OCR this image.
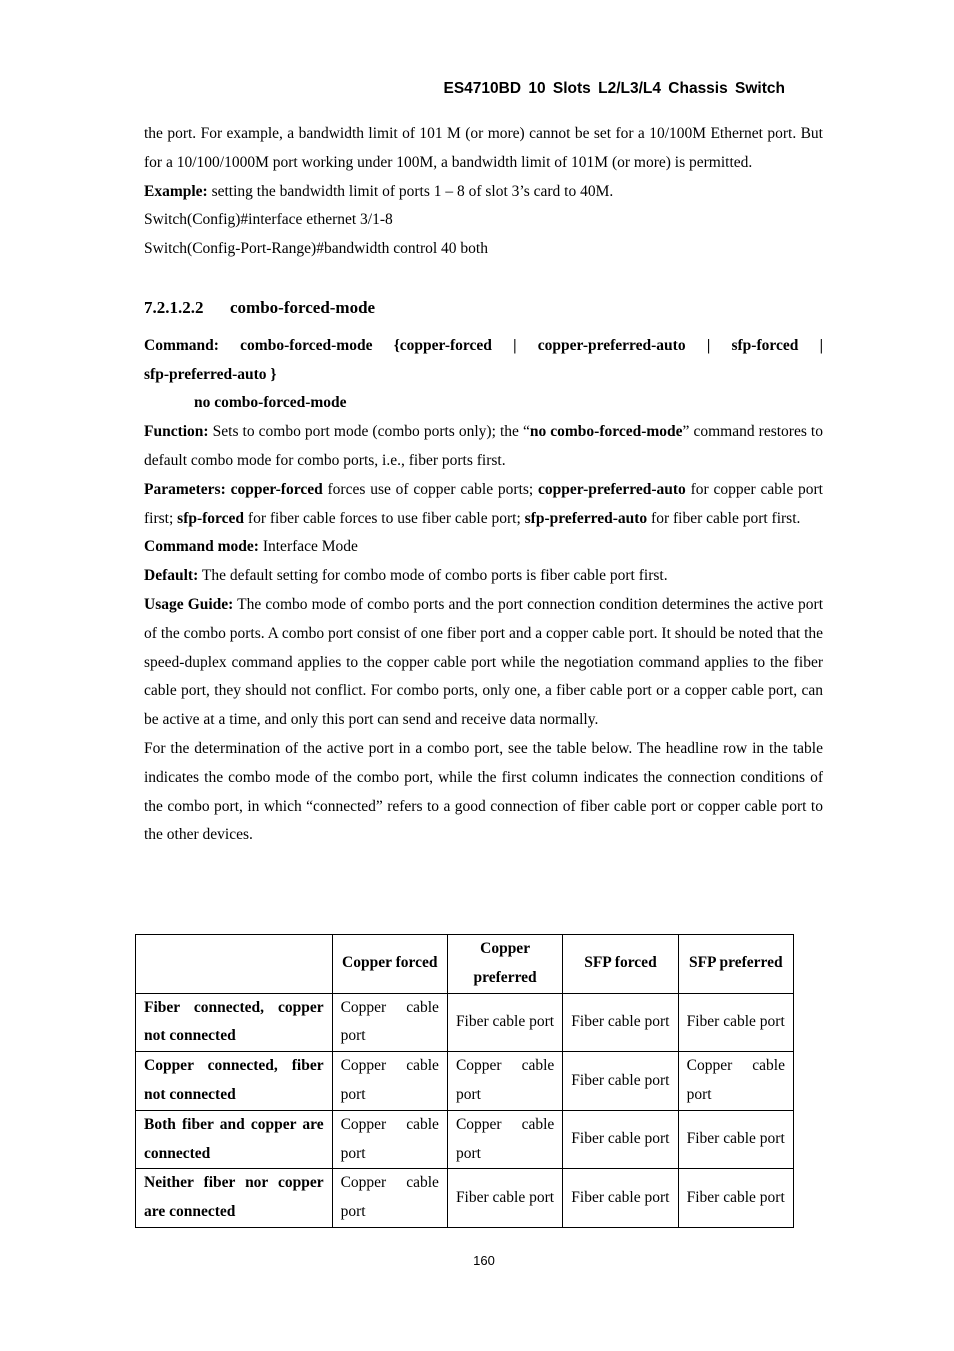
ES4710BD 10 Slots L2/L3/L4 Chassis Switch

the port. For example, a bandwidth limit of 101 M (or more) cannot be set for a 10/100M Ethernet port. But for a 10/100/1000M port working under 100M, a bandwidth limit of 101M (or more) is permitted.

Example: setting the bandwidth limit of ports 1 – 8 of slot 3’s card to 40M.

Switch(Config)#interface ethernet 3/1-8

Switch(Config-Port-Range)#bandwidth control 40 both

7.2.1.2.2 combo-forced-mode

Command: combo-forced-mode {copper-forced | copper-preferred-auto | sfp-forced |

sfp-preferred-auto }

no combo-forced-mode

Function: Sets to combo port mode (combo ports only); the “no combo-forced-mode” command restores to default combo mode for combo ports, i.e., fiber ports first.

Parameters: copper-forced forces use of copper cable ports; copper-preferred-auto for copper cable port first; sfp-forced for fiber cable forces to use fiber cable port; sfp-preferred-auto for fiber cable port first.

Command mode: Interface Mode

Default: The default setting for combo mode of combo ports is fiber cable port first.

Usage Guide: The combo mode of combo ports and the port connection condition determines the active port of the combo ports. A combo port consist of one fiber port and a copper cable port. It should be noted that the speed-duplex command applies to the copper cable port while the negotiation command applies to the fiber cable port, they should not conflict. For combo ports, only one, a fiber cable port or a copper cable port, can be active at a time, and only this port can send and receive data normally.

For the determination of the active port in a combo port, see the table below. The headline row in the table indicates the combo mode of the combo port, while the first column indicates the connection conditions of the combo port, in which “connected” refers to a good connection of fiber cable port or copper cable port to the other devices.

	Copper forced	Copper preferred	SFP forced	SFP preferred
Fiber connected, copper not connected	Copper cable port	Fiber cable port	Fiber cable port	Fiber cable port
Copper connected, fiber not connected	Copper cable port	Copper cable port	Fiber cable port	Copper cable port
Both fiber and copper are connected	Copper cable port	Copper cable port	Fiber cable port	Fiber cable port
Neither fiber nor copper are connected	Copper cable port	Fiber cable port	Fiber cable port	Fiber cable port
160
